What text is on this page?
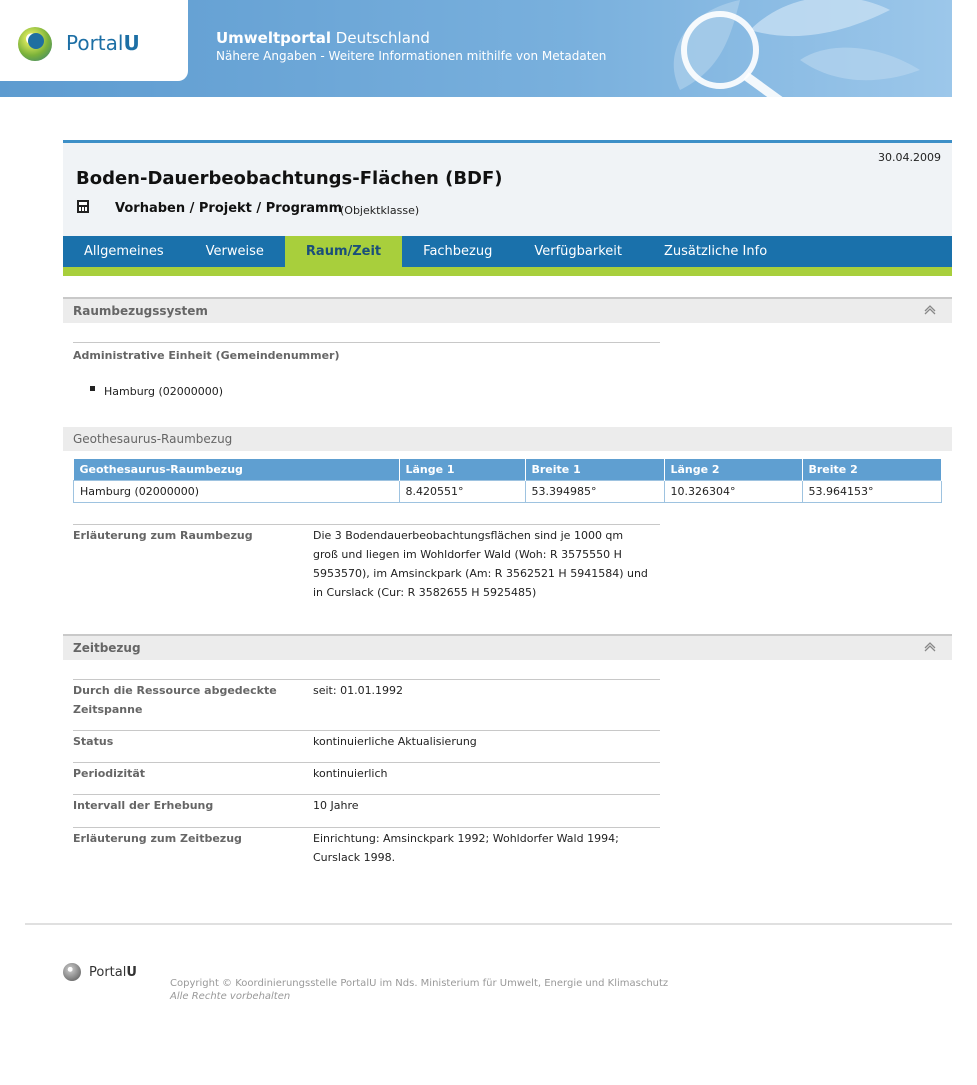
PortalU	Umweltportal Deutschland
Nähere Angaben - Weitere Informationen mithilfe von Metadaten
30.04.2009
Boden-Dauerbeobachtungs-Flächen (BDF)
Vorhaben / Projekt / Programm
(Objektklasse)
Allgemeines	Verweise	Raum/Zeit	Fachbezug	Verfügbarkeit	Zusätzliche Info
Raumbezugssystem
Administrative Einheit (Gemeindenummer)
Hamburg (02000000)
Geothesaurus-Raumbezug
Geothesaurus-Raumbezug	Länge 1	Breite 1	Länge 2	Breite 2
Hamburg (02000000)	8.420551°	53.394985°	10.326304°	53.964153°
Erläuterung zum Raumbezug	Die 3 Bodendauerbeobachtungsflächen sind je 1000 qm groß und liegen im Wohldorfer Wald (Woh: R 3575550 H 5953570), im Amsinckpark (Am: R 3562521 H 5941584) und in Curslack (Cur: R 3582655 H 5925485)
Zeitbezug
Durch die Ressource abgedeckte Zeitspanne
seit: 01.01.1992
Status	kontinuierliche Aktualisierung
Periodizität	kontinuierlich
Intervall der Erhebung	10 Jahre
Erläuterung zum Zeitbezug	Einrichtung: Amsinckpark 1992; Wohldorfer Wald 1994; Curslack 1998.
PortalU
Copyright © Koordinierungsstelle PortalU im Nds. Ministerium für Umwelt, Energie und Klimaschutz
Alle Rechte vorbehalten
